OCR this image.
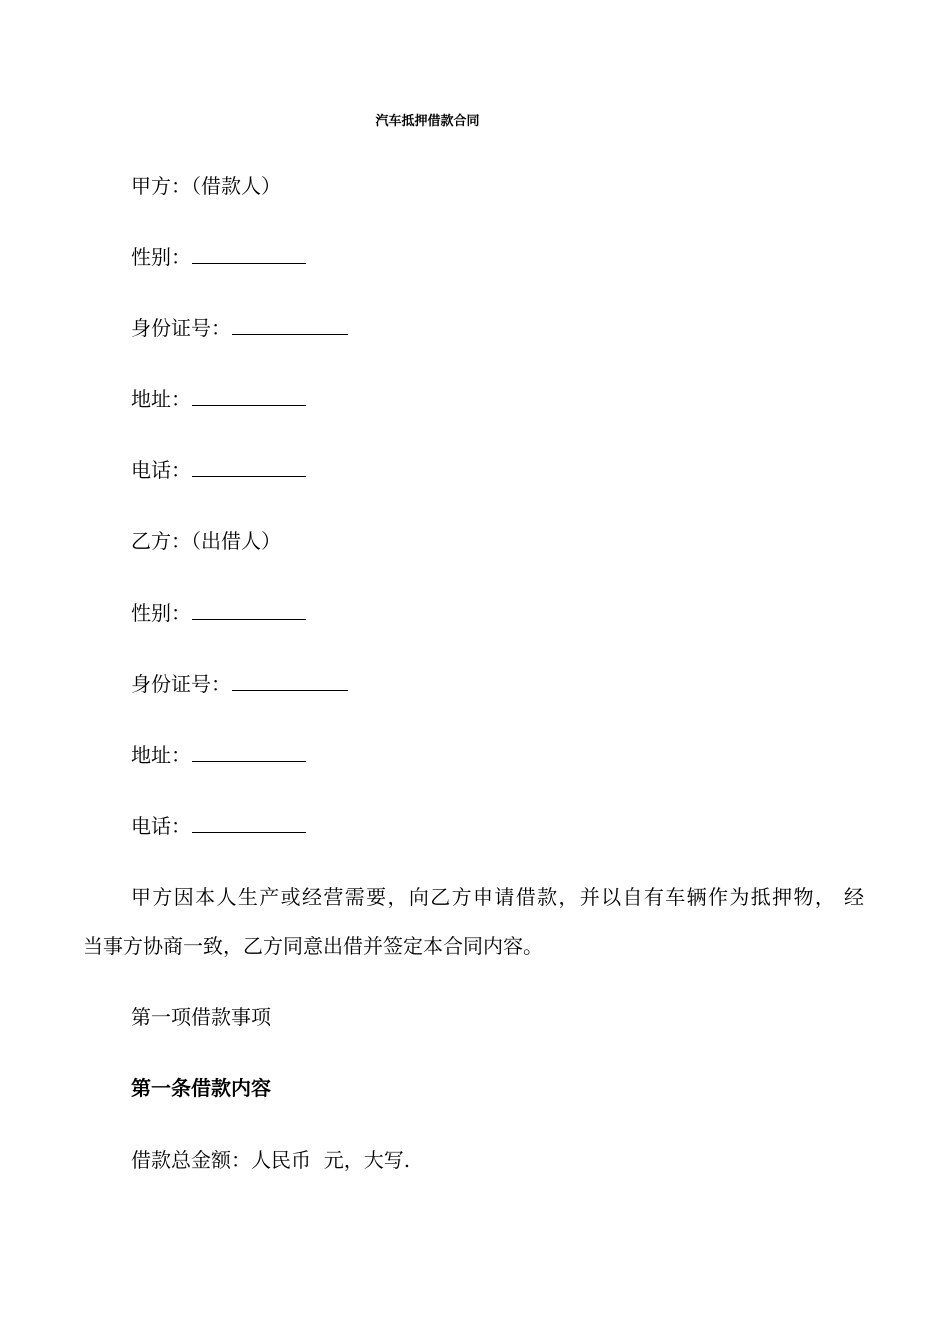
汽车抵押借款合同
甲方：（借款人）
性别：
身份证号：
地址：
电话：
乙方：（出借人）
性别：
身份证号：
地址：
电话：
甲方因本人生产或经营需要，向乙方申请借款，并以自有车辆作为抵押物， 经
当事方协商一致，乙方同意出借并签定本合同内容。
第一项借款事项
第一条借款内容
借款总金额：人民币  元，大写.
